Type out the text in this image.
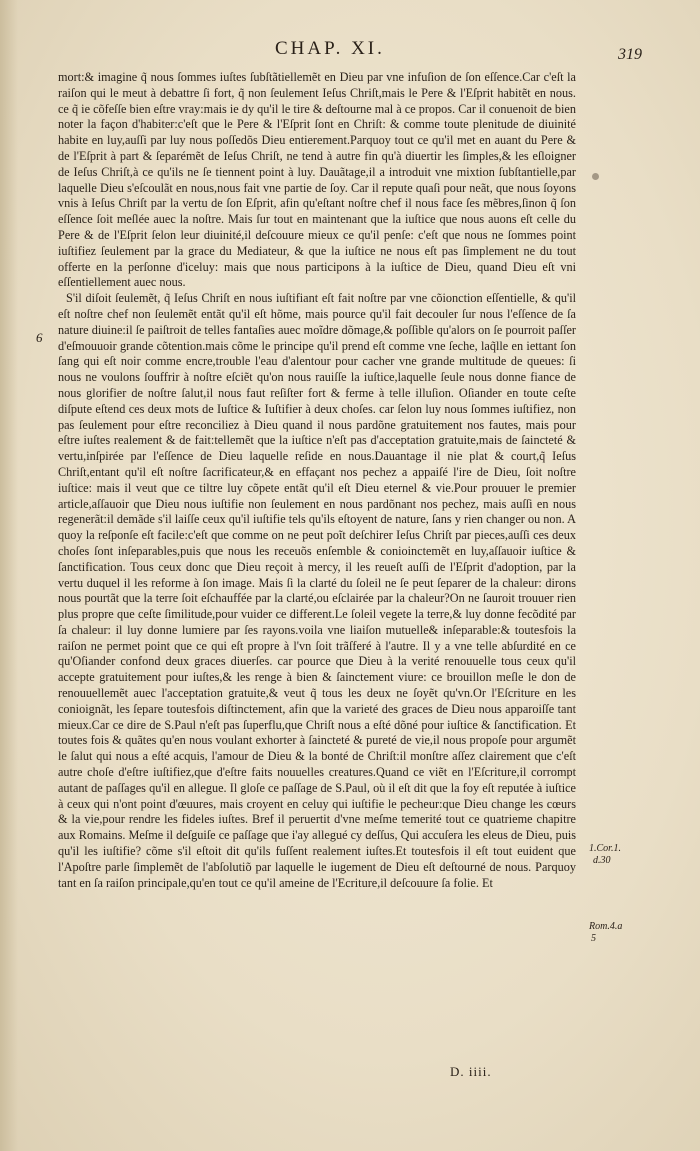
CHAP. XI.	319
6

mort:& imagine q̃ nous ſommes iuſtes ſubſtãtiellemẽt en Dieu par vne infuſion de ſon eſſence.Car c'eſt la raiſon qui le meut à debattre ſi fort, q̃ non ſeulement Ieſus Chriſt,mais le Pere & l'Eſprit habitẽt en nous. ce q̃ ie cõfeſſe bien eſtre vray:mais ie dy qu'il le tire & deſtourne mal à ce propos. Car il conuenoit de bien noter la façon d'habiter:c'eſt que le Pere & l'Eſprit ſont en Chriſt: & comme toute plenitude de diuinité habite en luy,auſſi par luy nous poſſedõs Dieu entierement.Parquoy tout ce qu'il met en auant du Pere & de l'Eſprit à part & ſeparémẽt de Ieſus Chriſt, ne tend à autre fin qu'à diuertir les ſimples,& les eſloigner de Ieſus Chriſt,à ce qu'ils ne ſe tiennent point à luy. Dauãtage,il a introduit vne mixtion ſubſtantielle,par laquelle Dieu s'eſcoulãt en nous,nous fait vne partie de ſoy. Car il repute quaſi pour neãt, que nous ſoyons vnis à Ieſus Chriſt par la vertu de ſon Eſprit, afin qu'eſtant noſtre chef il nous face ſes mẽbres,ſinon q̃ ſon eſſence ſoit meſlée auec la noſtre. Mais ſur tout en maintenant que la iuſtice que nous auons eſt celle du Pere & de l'Eſprit ſelon leur diuinité,il deſcouure mieux ce qu'il penſe: c'eſt que nous ne ſommes point iuſtifiez ſeulement par la grace du Mediateur, & que la iuſtice ne nous eſt pas ſimplement ne du tout offerte en la perſonne d'iceluy: mais que nous participons à la iuſtice de Dieu, quand Dieu eſt vni eſſentiellement auec nous.

S'il diſoit ſeulemẽt, q̃ Ieſus Chriſt en nous iuſtifiant eſt fait noſtre par vne cõionction eſſentielle, & qu'il eſt noſtre chef non ſeulemẽt entãt qu'il eſt hõme, mais pource qu'il fait decouler ſur nous l'eſſence de ſa nature diuine:il ſe paiſtroit de telles fantaſies auec moĩdre dõmage,& poſſible qu'alors on ſe pourroit paſſer d'eſmouuoir grande cõtention.mais cõme le principe qu'il prend eſt comme vne ſeche, laq̃lle en iettant ſon ſang qui eſt noir comme encre,trouble l'eau d'alentour pour cacher vne grande multitude de queues: ſi nous ne voulons ſouffrir à noſtre eſciẽt qu'on nous rauiſſe la iuſtice,laquelle ſeule nous donne fiance de nous glorifier de noſtre ſalut,il nous faut reſiſter fort & ferme à telle illuſion. Oſiander en toute ceſte diſpute eſtend ces deux mots de Iuſtice & Iuſtifier à deux choſes. car ſelon luy nous ſommes iuſtifiez, non pas ſeulement pour eſtre reconciliez à Dieu quand il nous pardõne gratuitement nos fautes, mais pour eſtre iuſtes realement & de fait:tellemẽt que la iuſtice n'eſt pas d'acceptation gratuite,mais de ſaincteté & vertu,inſpirée par l'eſſence de Dieu laquelle reſide en nous.Dauantage il nie plat & court,q̃ Ieſus Chriſt,entant qu'il eſt noſtre ſacrificateur,& en effaçant nos pechez a appaiſé l'ire de Dieu, ſoit noſtre iuſtice: mais il veut que ce tiltre luy cõpete entãt qu'il eſt Dieu eternel & vie.Pour prouuer le premier article,aſſauoir que Dieu nous iuſtifie non ſeulement en nous pardõnant nos pechez, mais auſſi en nous regenerãt:il demãde s'il laiſſe ceux qu'il iuſtifie tels qu'ils eſtoyent de nature, ſans y rien changer ou non. A quoy la reſponſe eſt facile:c'eſt que comme on ne peut poĩt deſchirer Ieſus Chriſt par pieces,auſſi ces deux choſes ſont inſeparables,puis que nous les receuõs enſemble & conioinctemẽt en luy,aſſauoir iuſtice & ſanctification. Tous ceux donc que Dieu reçoit à mercy, il les reueſt auſſi de l'Eſprit d'adoption, par la vertu duquel il les reforme à ſon image. Mais ſi la clarté du ſoleil ne ſe peut ſeparer de la chaleur: dirons nous pourtãt que la terre ſoit eſchauffée par la clarté,ou eſclairée par la chaleur?On ne ſauroit trouuer rien plus propre que ceſte ſimilitude,pour vuider ce different.Le ſoleil vegete la terre,& luy donne fecõdité par ſa chaleur: il luy donne lumiere par ſes rayons.voila vne liaiſon mutuelle& inſeparable:& toutesfois la raiſon ne permet point que ce qui eſt propre à l'vn ſoit trãſferé à l'autre. Il y a vne telle abſurdité en ce qu'Oſiander confond deux graces diuerſes. car pource que Dieu à la verité renouuelle tous ceux qu'il accepte gratuitement pour iuſtes,& les renge à bien & ſainctement viure: ce brouillon meſle le don de renouuellemẽt auec l'acceptation gratuite,& veut q̃ tous les deux ne ſoyẽt qu'vn.Or l'Eſcriture en les conioignãt, les ſepare toutesfois diſtinctement, afin que la varieté des graces de Dieu nous apparoiſſe tant mieux.Car ce dire de S.Paul n'eſt pas ſuperflu,que Chriſt nous a eſté dõné pour iuſtice & ſanctification. Et toutes fois & quãtes qu'en nous voulant exhorter à ſaincteté & pureté de vie,il nous propoſe pour argumẽt le ſalut qui nous a eſté acquis, l'amour de Dieu & la bonté de Chriſt:il monſtre aſſez clairement que c'eſt autre choſe d'eſtre iuſtifiez,que d'eſtre faits nouuelles creatures.Quand ce viẽt en l'Eſcriture,il corrompt autant de paſſages qu'il en allegue. Il gloſe ce paſſage de S.Paul, où il eſt dit que la foy eſt reputée à iuſtice à ceux qui n'ont point d'œuures, mais croyent en celuy qui iuſtifie le pecheur:que Dieu change les cœurs & la vie,pour rendre les fideles iuſtes. Bref il peruertit d'vne meſme temerité tout ce quatrieme chapitre aux Romains. Meſme il deſguiſe ce paſſage que i'ay allegué cy deſſus, Qui accuſera les eleus de Dieu, puis qu'il les iuſtifie? cõme s'il eſtoit dit qu'ils fuſſent realement iuſtes.Et toutesfois il eſt tout euident que l'Apoſtre parle ſimplemẽt de l'abſolutiõ par laquelle le iugement de Dieu eſt deſtourné de nous. Parquoy tant en ſa raiſon principale,qu'en tout ce qu'il ameine de l'Ecriture,il deſcouure ſa folie. Et

1.Cor.1.
d.30
Rom.4.a
5
D. iiii.
